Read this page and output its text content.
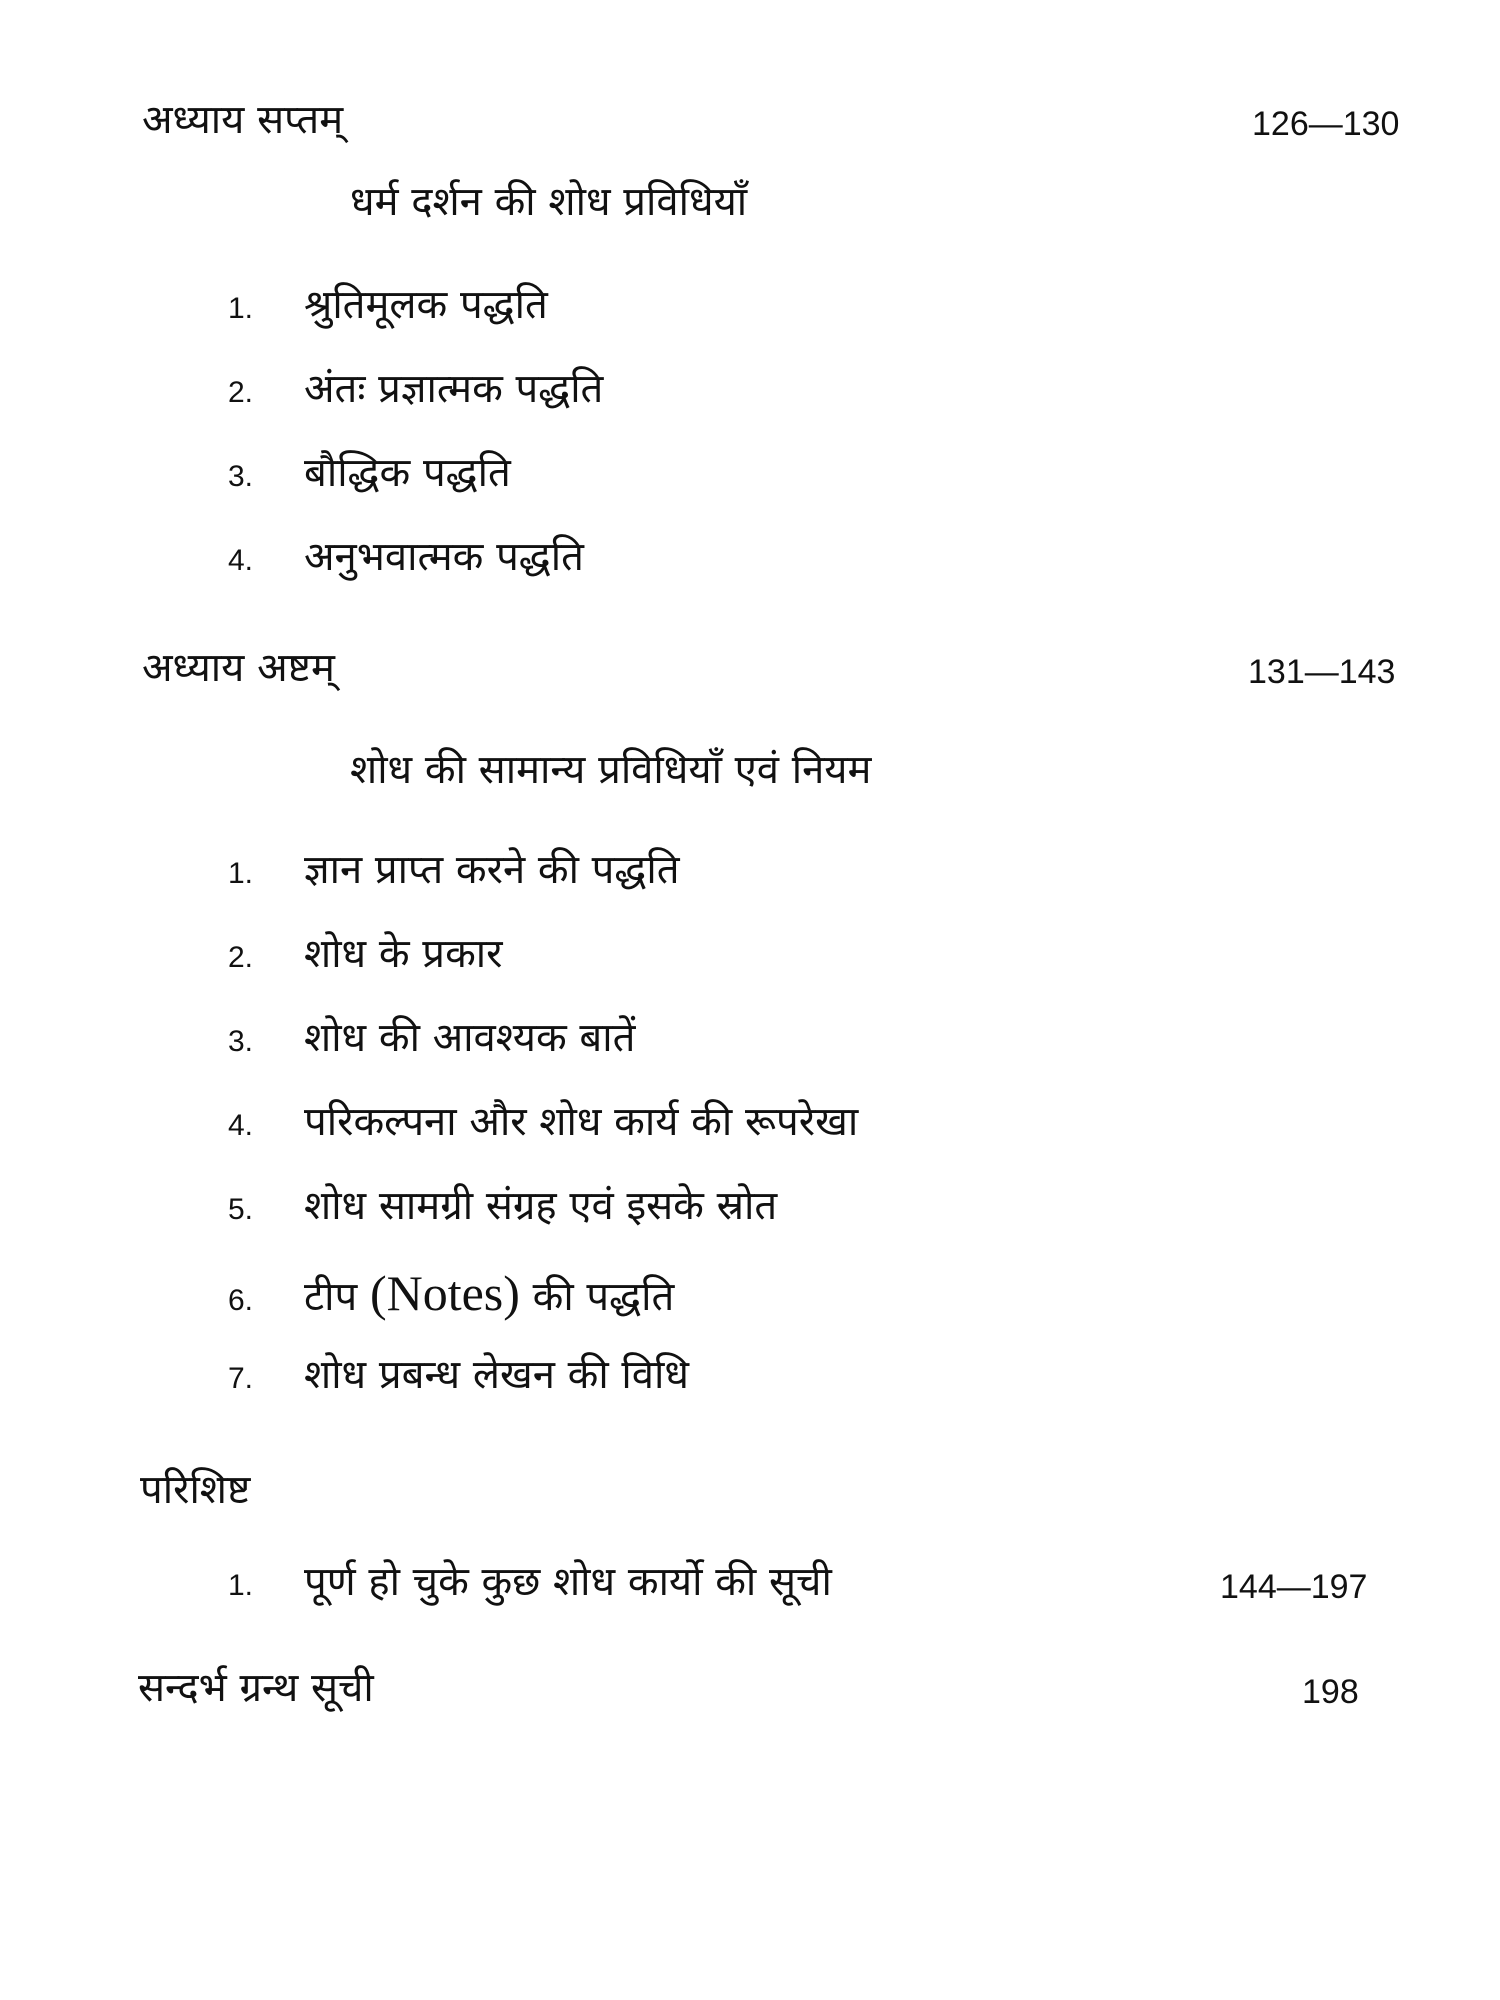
अध्याय सप्तम्	126—130
धर्म दर्शन की शोध प्रविधियाँ
1.	श्रुतिमूलक पद्धति
2.	अंतः प्रज्ञात्मक पद्धति
3.	बौद्धिक पद्धति
4.	अनुभवात्मक पद्धति
अध्याय अष्टम्	131—143
शोध की सामान्य प्रविधियाँ एवं नियम
1.	ज्ञान प्राप्त करने की पद्धति
2.	शोध के प्रकार
3.	शोध की आवश्यक बातें
4.	परिकल्पना और शोध कार्य की रूपरेखा
5.	शोध सामग्री संग्रह एवं इसके स्रोत
6.	टीप (Notes) की पद्धति
7.	शोध प्रबन्ध लेखन की विधि
परिशिष्ट
1.	पूर्ण हो चुके कुछ शोध कार्यो की सूची	144—197
सन्दर्भ ग्रन्थ सूची	198
